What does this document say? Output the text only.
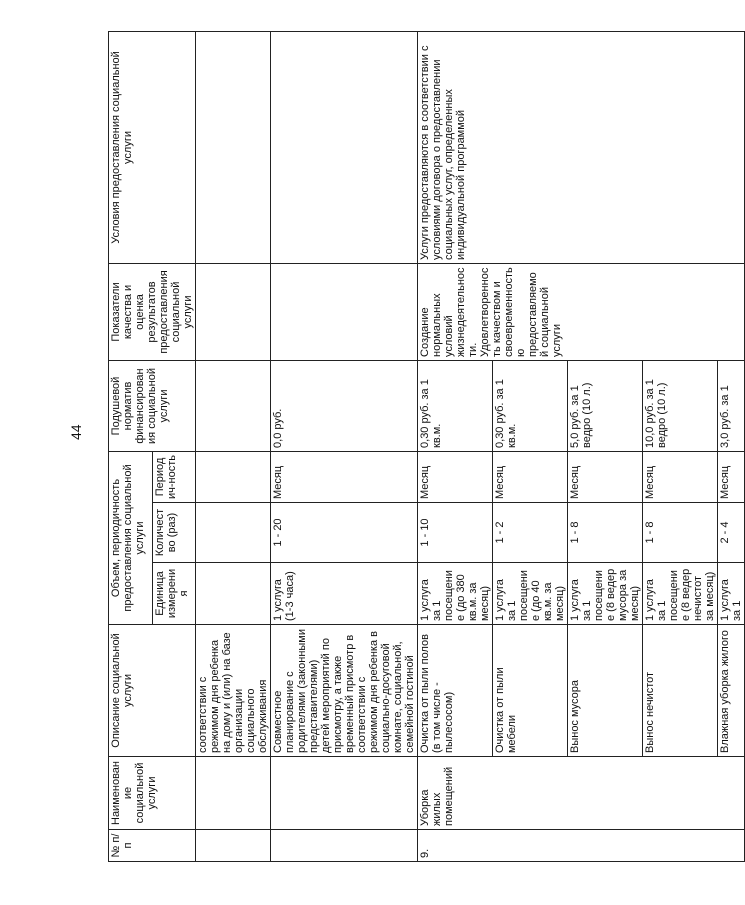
44
№ п/п	Наименование социальной услуги	Описание социальной услуги	Объем, периодичность предоставления социальной услуги			Подушевой норматив финансирован ия социальной услуги	Показатели качества и оценка результатов предоставления социальной услуги	Условия предоставления социальной услуги
			Единица измерения	Количество (раз)	Периодич-ность			
		соответствии с режимом дня ребенка на дому и (или) на базе организации социального обслуживания						
		Совместное планирование с родителями (законными представителями) детей мероприятий по присмотру, а также временный присмотр в соответствии с режимом дня ребенка в социально-досуговой комнате, социальной, семейной гостиной	1 услуга (1-3 часа)	1 - 20	Месяц	0,0 руб.		
9.	Уборка жилых помещений	Очистка от пыли полов (в том числе - пылесосом)	1 услуга за 1 посещение (до 380 кв.м. за месяц)	1 - 10	Месяц	0,30 руб. за 1 кв.м.	Создание нормальных условий жизнедеятельности. Удовлетворенность качеством и своевременностью предоставляемой социальной услуги	Услуги предоставляются в соответствии с условиями договора о предоставлении социальных услуг, определенных индивидуальной программой
		Очистка от пыли мебели	1 услуга за 1 посещение (до 40 кв.м. за месяц)	1 - 2	Месяц	0,30 руб. за 1 кв.м.		
		Вынос мусора	1 услуга за 1 посещение (8 ведер мусора за месяц)	1 - 8	Месяц	5,0 руб. за 1 ведро (10 л.)		
		Вынос нечистот	1 услуга за 1 посещение (8 ведер нечистот за месяц)	1 - 8	Месяц	10,0 руб. за 1 ведро (10 л.)		
		Влажная уборка жилого	1 услуга за 1	2 - 4	Месяц	3,0 руб. за 1		
